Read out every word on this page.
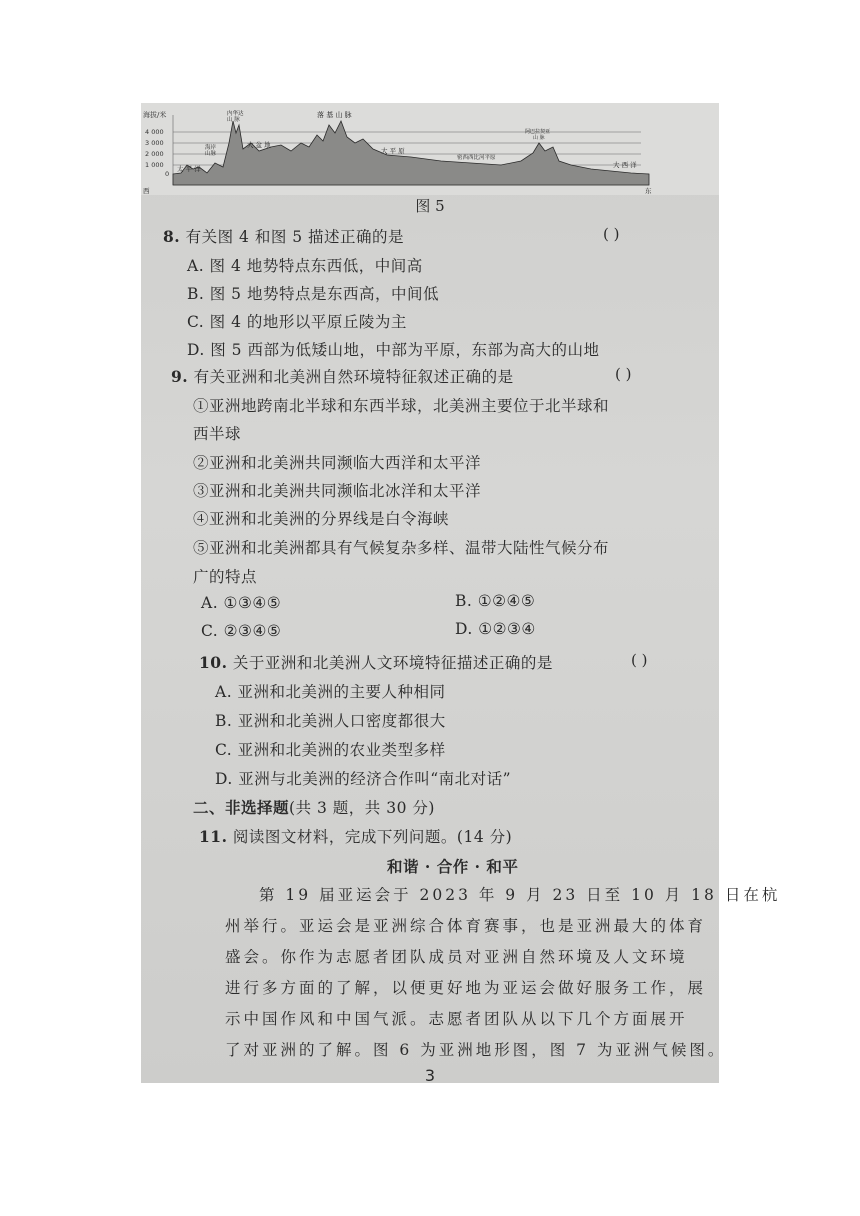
海拔/米
4 000
3 000
2 000
1 000
0
落 基 山 脉
内华达
山 脉
海岸
山脉
太 平 洋
大 盆 地
大 平 原
密西西比河平原
阿巴拉契亚
山 脉
大 西 洋
西	东
图 5
8. 有关图 4 和图 5 描述正确的是	( )
A. 图 4 地势特点东西低，中间高
B. 图 5 地势特点是东西高，中间低
C. 图 4 的地形以平原丘陵为主
D. 图 5 西部为低矮山地，中部为平原，东部为高大的山地
9. 有关亚洲和北美洲自然环境特征叙述正确的是	( )
①亚洲地跨南北半球和东西半球，北美洲主要位于北半球和
西半球
②亚洲和北美洲共同濒临大西洋和太平洋
③亚洲和北美洲共同濒临北冰洋和太平洋
④亚洲和北美洲的分界线是白令海峡
⑤亚洲和北美洲都具有气候复杂多样、温带大陆性气候分布
广的特点
A. ①③④⑤	B. ①②④⑤
C. ②③④⑤	D. ①②③④
10. 关于亚洲和北美洲人文环境特征描述正确的是	( )
A. 亚洲和北美洲的主要人种相同
B. 亚洲和北美洲人口密度都很大
C. 亚洲和北美洲的农业类型多样
D. 亚洲与北美洲的经济合作叫“南北对话”
二、非选择题(共 3 题，共 30 分)
11. 阅读图文材料，完成下列问题。(14 分)
和谐 · 合作 · 和平
第 19 届亚运会于 2023 年 9 月 23 日至 10 月 18 日在杭
州举行。亚运会是亚洲综合体育赛事，也是亚洲最大的体育
盛会。你作为志愿者团队成员对亚洲自然环境及人文环境
进行多方面的了解，以便更好地为亚运会做好服务工作，展
示中国作风和中国气派。志愿者团队从以下几个方面展开
了对亚洲的了解。图 6 为亚洲地形图，图 7 为亚洲气候图。
3
